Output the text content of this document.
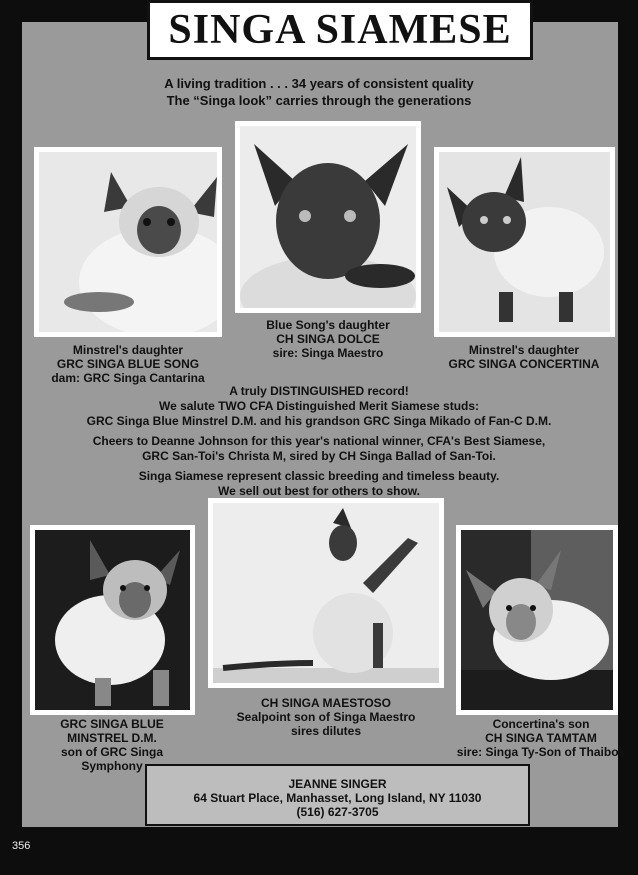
SINGA SIAMESE
A living tradition . . . 34 years of consistent quality
The “Singa look” carries through the generations
Minstrel's daughter
GRC SINGA BLUE SONG
dam: GRC Singa Cantarina
Blue Song's daughter
CH SINGA DOLCE
sire: Singa Maestro	Minstrel's daughter
GRC SINGA CONCERTINA
A truly DISTINGUISHED record!
We salute TWO CFA Distinguished Merit Siamese studs:
GRC Singa Blue Minstrel D.M. and his grandson GRC Singa Mikado of Fan-C D.M.
Cheers to Deanne Johnson for this year's national winner, CFA's Best Siamese,
GRC San-Toi's Christa M, sired by CH Singa Ballad of San-Toi.
Singa Siamese represent classic breeding and timeless beauty.
We sell out best for others to show.
GRC SINGA BLUE
MINSTREL D.M.
son of GRC Singa
Symphony
CH SINGA MAESTOSO
Sealpoint son of Singa Maestro
sires dilutes	Concertina's son
CH SINGA TAMTAM
sire: Singa Ty-Son of Thaibok
JEANNE SINGER
64 Stuart Place, Manhasset, Long Island, NY 11030
(516) 627-3705
356
